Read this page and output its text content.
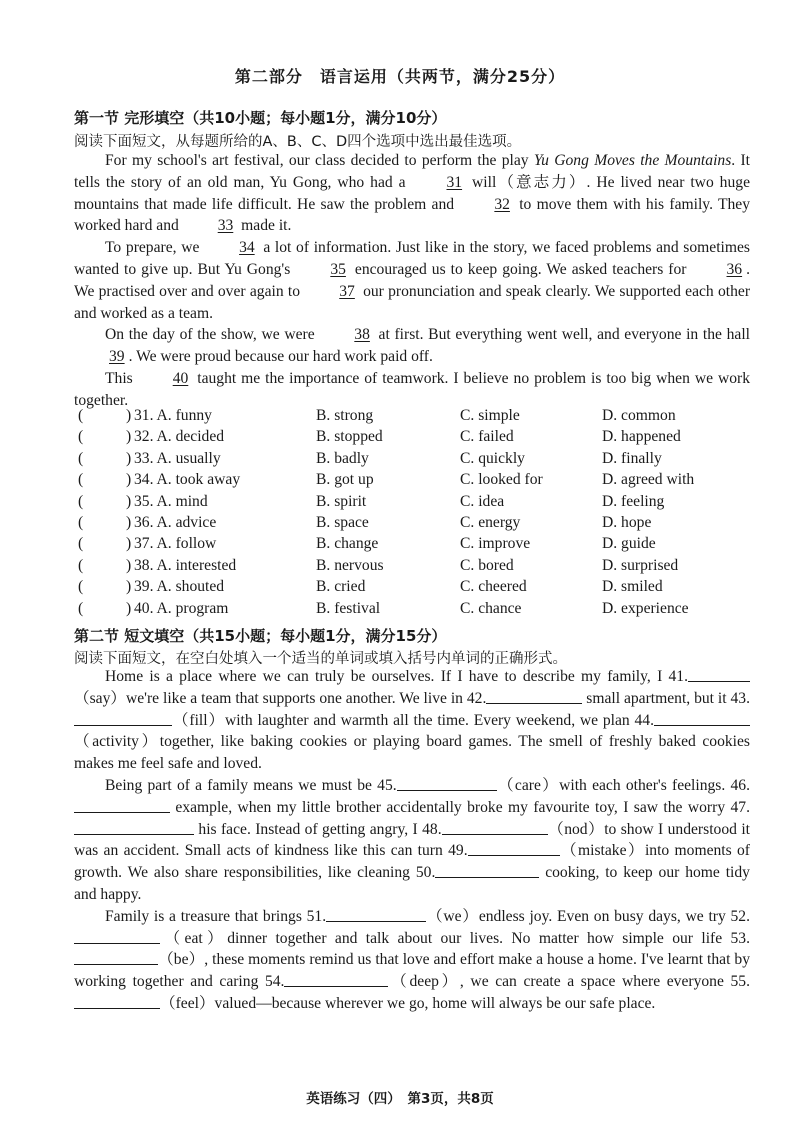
第二部分　语言运用（共两节，满分25分）
第一节 完形填空（共10小题；每小题1分，满分10分）
阅读下面短文，从每题所给的A、B、C、D四个选项中选出最佳选项。

For my school's art festival, our class decided to perform the play Yu Gong Moves the Mountains. It tells the story of an old man, Yu Gong, who had a 31 will（意志力）. He lived near two huge mountains that made life difficult. He saw the problem and 32 to move them with his family. They worked hard and 33 made it.

To prepare, we 34 a lot of information. Just like in the story, we faced problems and sometimes wanted to give up. But Yu Gong's 35 encouraged us to keep going. We asked teachers for 36 . We practised over and over again to 37 our pronunciation and speak clearly. We supported each other and worked as a team.

On the day of the show, we were 38 at first. But everything went well, and everyone in the hall 39 . We were proud because our hard work paid off.

This 40 taught me the importance of teamwork. I believe no problem is too big when we work together.

(	) 31. A. funny	B. strong	C. simple	D. common
(	) 32. A. decided	B. stopped	C. failed	D. happened
(	) 33. A. usually	B. badly	C. quickly	D. finally
(	) 34. A. took away	B. got up	C. looked for	D. agreed with
(	) 35. A. mind	B. spirit	C. idea	D. feeling
(	) 36. A. advice	B. space	C. energy	D. hope
(	) 37. A. follow	B. change	C. improve	D. guide
(	) 38. A. interested	B. nervous	C. bored	D. surprised
(	) 39. A. shouted	B. cried	C. cheered	D. smiled
(	) 40. A. program	B. festival	C. chance	D. experience
第二节 短文填空（共15小题；每小题1分，满分15分）
阅读下面短文，在空白处填入一个适当的单词或填入括号内单词的正确形式。

Home is a place where we can truly be ourselves. If I have to describe my family, I 41.（say）we're like a team that supports one another. We live in 42.	small apartment, but it 43.（fill）with laughter and warmth all the time. Every weekend, we plan 44.（activity）together, like baking cookies or playing board games. The smell of freshly baked cookies makes me feel safe and loved.

Being part of a family means we must be 45.	（care）with each other's feelings. 46. example, when my little brother accidentally broke my favourite toy, I saw the worry 47. his face. Instead of getting angry, I 48.	（nod）to show I understood it was an accident. Small acts of kindness like this can turn 49.	（mistake）into moments of growth. We also share responsibilities, like cleaning 50.	cooking, to keep our home tidy and happy.

Family is a treasure that brings 51.	（we）endless joy. Even on busy days, we try 52.（eat）dinner together and talk about our lives. No matter how simple our life 53.（be）, these moments remind us that love and effort make a house a home. I've learnt that by working together and caring 54.	（deep）, we can create a space where everyone 55.（feel）valued—because wherever we go, home will always be our safe place.

英语练习（四）　第3页，共8页
